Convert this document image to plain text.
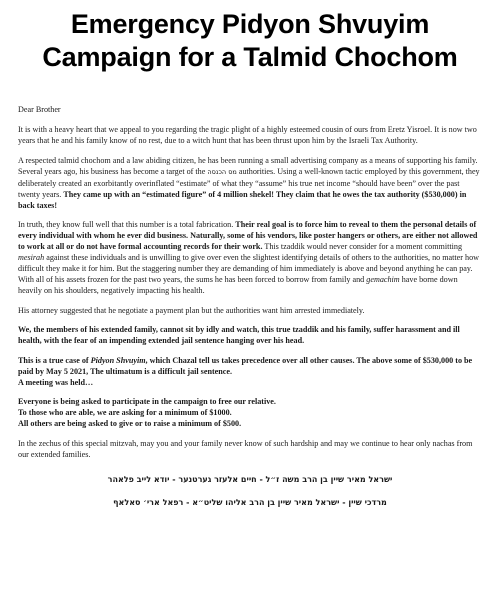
Emergency Pidyon Shvuyim
Campaign for a Talmid Chochom

Dear Brother

It is with a heavy heart that we appeal to you regarding the tragic plight of a highly esteemed cousin of ours from Eretz Yisroel. It is now two years that he and his family know of no rest, due to a witch hunt that has been thrust upon him by the Israeli Tax Authority.

A respected talmid chochom and a law abiding citizen, he has been running a small advertising company as a means of supporting his family. Several years ago, his business has become a target of the מס הכנסה authorities. Using a well-known tactic employed by this government, they deliberately created an exorbitantly overinflated “estimate” of what they “assume” his true net income “should have been” over the past twenty years. They came up with an “estimated figure” of 4 million shekel! They claim that he owes the tax authority ($530,000) in back taxes!

In truth, they know full well that this number is a total fabrication. Their real goal is to force him to reveal to them the personal details of every individual with whom he ever did business. Naturally, some of his vendors, like poster hangers or others, are either not allowed to work at all or do not have formal accounting records for their work. This tzaddik would never consider for a moment committing mesirah against these individuals and is unwilling to give over even the slightest identifying details of others to the authorities, no matter how difficult they make it for him. But the staggering number they are demanding of him immediately is above and beyond anything he can pay.

With all of his assets frozen for the past two years, the sums he has been forced to borrow from family and gemachim have borne down heavily on his shoulders, negatively impacting his health.

His attorney suggested that he negotiate a payment plan but the authorities want him arrested immediately.

We, the members of his extended family, cannot sit by idly and watch, this true tzaddik and his family, suffer harassment and ill health, with the fear of an impending extended jail sentence hanging over his head.

This is a true case of Pidyon Shvuyim, which Chazal tell us takes precedence over all other causes. The above some of $530,000 to be paid by May 5 2021, The ultimatum is a difficult jail sentence.
A meeting was held…

Everyone is being asked to participate in the campaign to free our relative.
To those who are able, we are asking for a minimum of $1000.
All others are being asked to give or to raise a minimum of $500.

In the zechus of this special mitzvah, may you and your family never know of such hardship and may we continue to hear only nachas from our extended families.

ישראל מאיר שיין בן הרב משה ז״ל - חיים אלעזר גערטנער - יודא לייב פלאהר

מרדכי שיין - ישראל מאיר שיין בן הרב אליהו שליט״א - רפאל ארי׳ סאלאף
